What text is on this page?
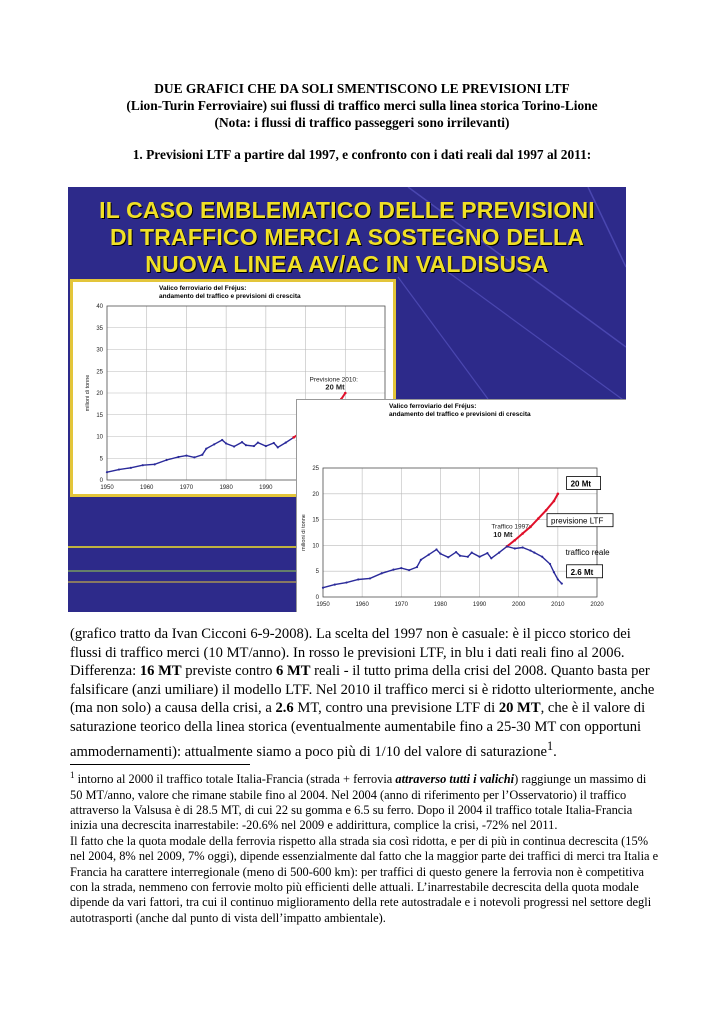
DUE GRAFICI CHE DA SOLI SMENTISCONO LE PREVISIONI LTF
(Lion-Turin Ferroviaire) sui flussi di traffico merci sulla linea storica Torino-Lione
(Nota: i flussi di traffico passeggeri sono irrilevanti)
1. Previsioni LTF a partire dal 1997, e confronto con i dati reali dal 1997 al 2011:
IL CASO EMBLEMATICO DELLE PREVISIONI
DI TRAFFICO MERCI A SOSTEGNO DELLA
NUOVA LINEA AV/AC IN VALDISUSA
Valico ferroviario del Fréjus:
andamento del traffico e previsioni di crescita
1950	1960	1970	1980	1990
0
5
10
15
20
25
30
35
40
milioni di tonne	Previsione 2010:
20 Mt
Valico ferroviario del Fréjus:
andamento del traffico e previsioni di crescita
1950	1960	1970	1980	1990	2000	2010	2020
0
5
10
15
20
25
milioni di tonne	Traffico 1997:
10 Mt
20 Mt
previsione LTF
traffico reale
2.6 Mt
(grafico tratto da Ivan Cicconi 6-9-2008). La scelta del 1997 non è casuale: è il picco storico dei flussi di traffico merci (10 MT/anno). In rosso le previsioni LTF, in blu i dati reali fino al 2006. Differenza: 16 MT previste contro 6 MT reali - il tutto prima della crisi del 2008. Quanto basta per falsificare (anzi umiliare) il modello LTF. Nel 2010 il traffico merci si è ridotto ulteriormente, anche (ma non solo) a causa della crisi, a 2.6 MT, contro una previsione LTF di 20 MT, che è il valore di saturazione teorico della linea storica (eventualmente aumentabile fino a 25-30 MT con opportuni ammodernamenti): attualmente siamo a poco più di 1/10 del valore di saturazione$^1$.
$^1$ intorno al 2000 il traffico totale Italia-Francia (strada + ferrovia attraverso tutti i valichi) raggiunge un massimo di 50 MT/anno, valore che rimane stabile fino al 2004. Nel 2004 (anno di riferimento per l’Osservatorio) il traffico attraverso la Valsusa è di 28.5 MT, di cui 22 su gomma e 6.5 su ferro. Dopo il 2004 il traffico totale Italia-Francia inizia una decrescita inarrestabile: -20.6% nel 2009 e addirittura, complice la crisi, -72% nel 2011.
Il fatto che la quota modale della ferrovia rispetto alla strada sia così ridotta, e per di più in continua decrescita (15% nel 2004, 8% nel 2009, 7% oggi), dipende essenzialmente dal fatto che la maggior parte dei traffici di merci tra Italia e Francia ha carattere interregionale (meno di 500-600 km): per traffici di questo genere la ferrovia non è competitiva con la strada, nemmeno con ferrovie molto più efficienti delle attuali. L’inarrestabile decrescita della quota modale dipende da vari fattori, tra cui il continuo miglioramento della rete autostradale e i notevoli progressi nel settore degli autotrasporti (anche dal punto di vista dell’impatto ambientale).
